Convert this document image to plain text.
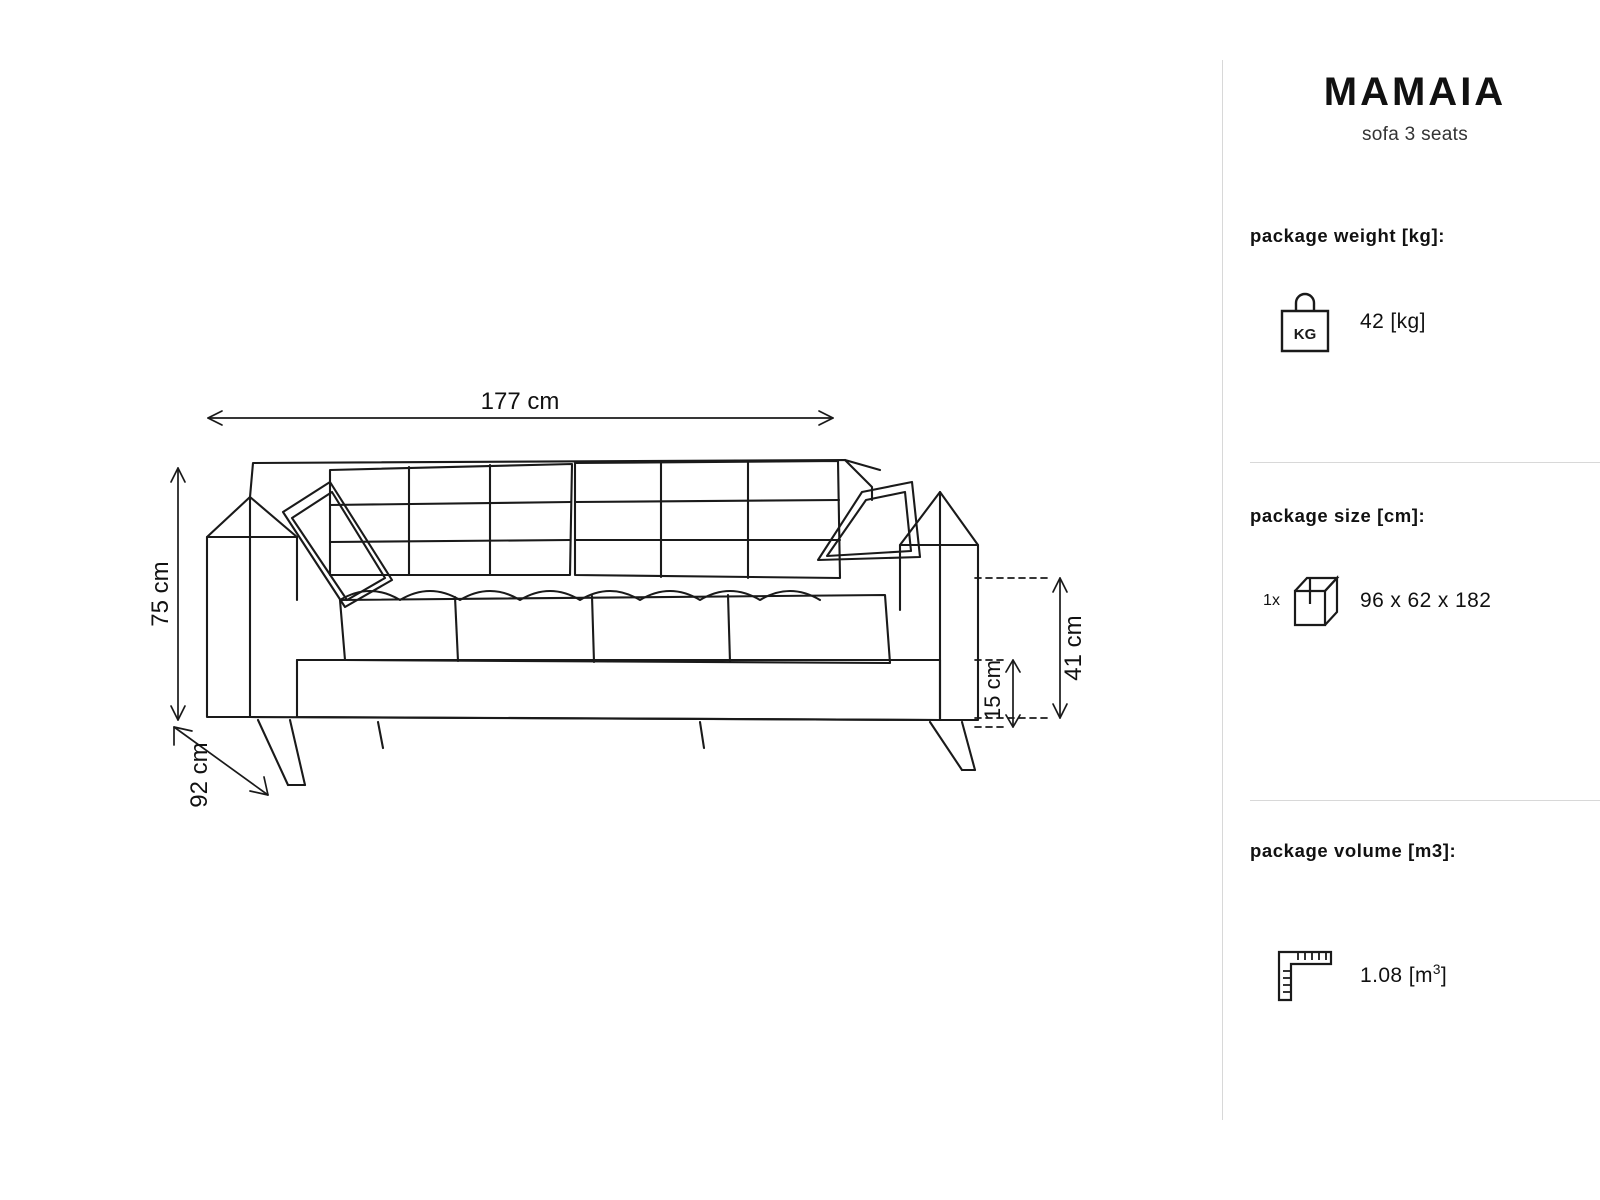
177 cm
75 cm
92 cm
41 cm
15 cm
MAMAIA
sofa 3 seats
package weight [kg]:
KG
42 [kg]
package size [cm]:
1x	96 x 62 x 182
package volume [m3]:
1.08 $[m^3]$
